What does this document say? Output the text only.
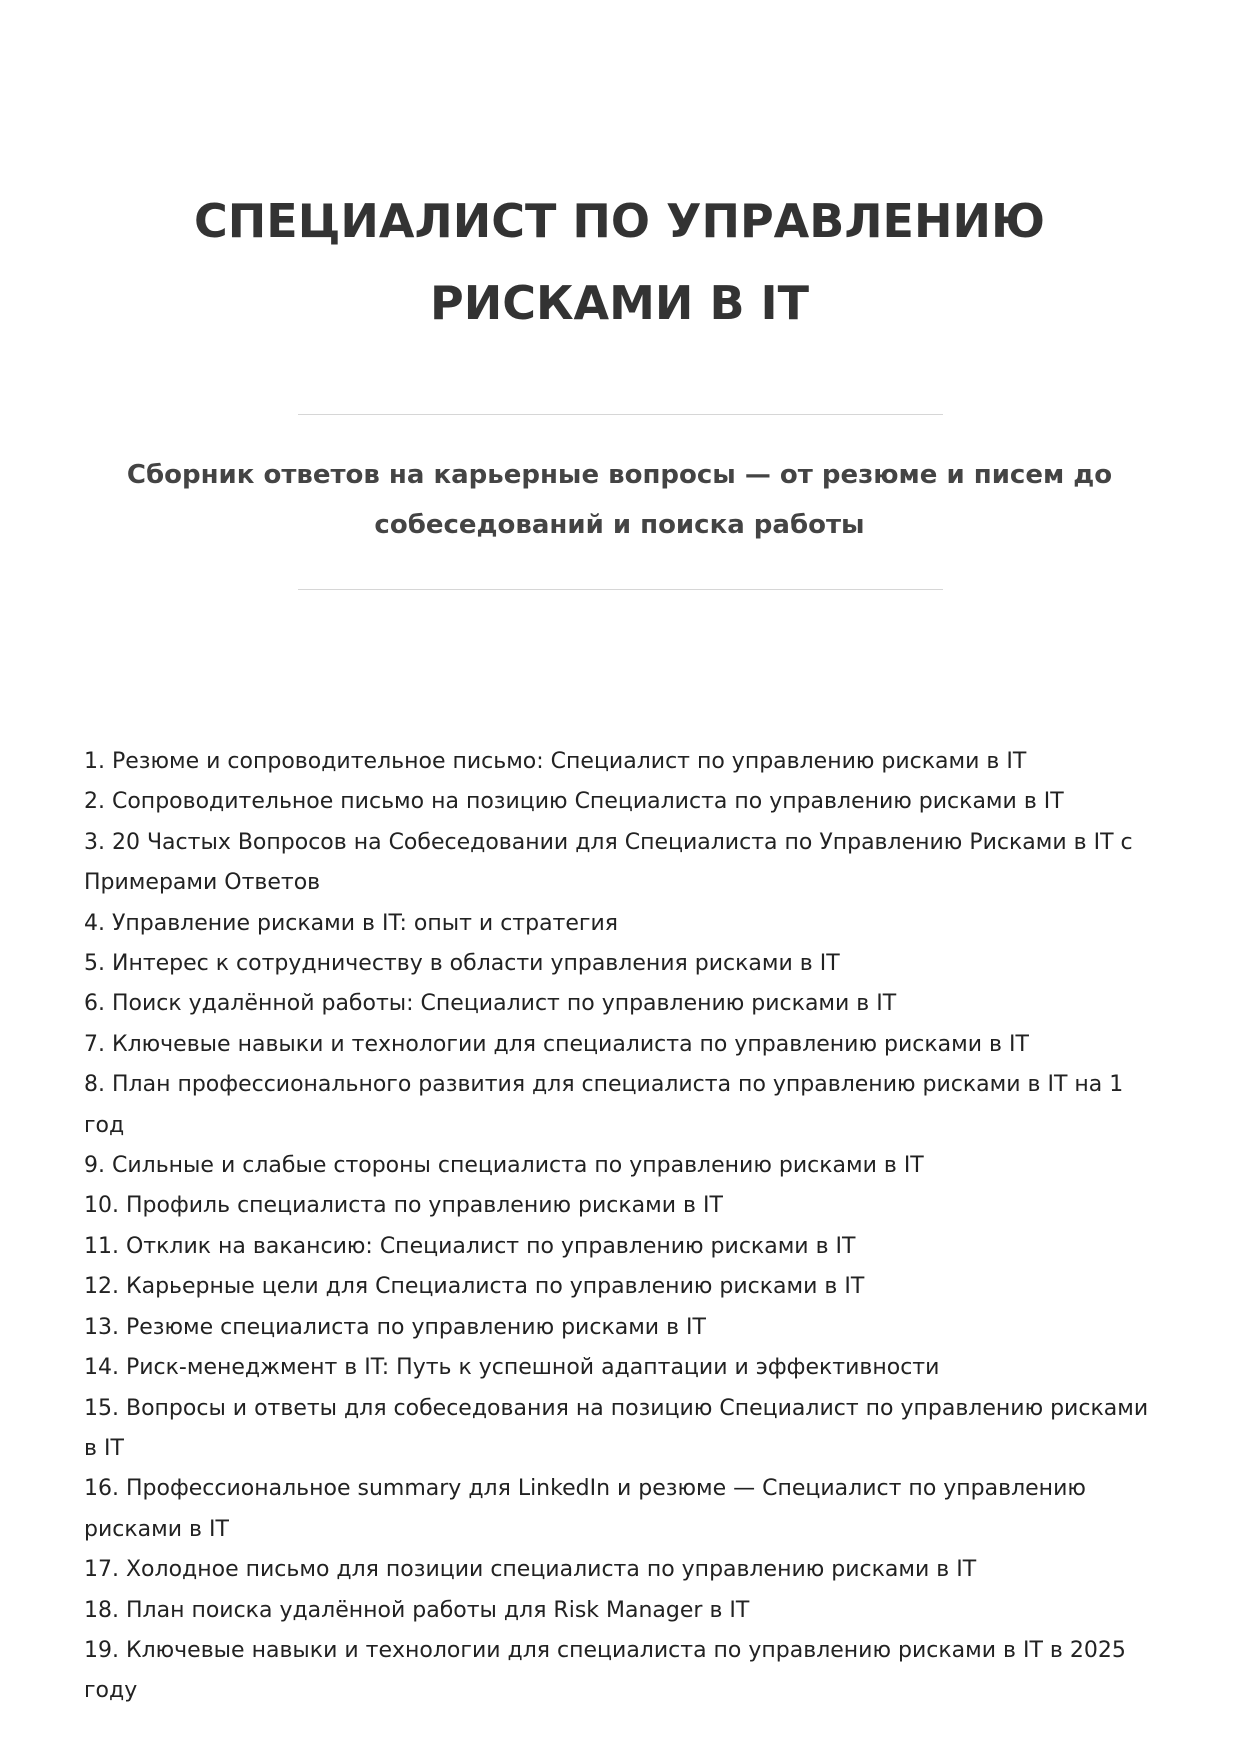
СПЕЦИАЛИСТ ПО УПРАВЛЕНИЮ
РИСКАМИ В IT

Сборник ответов на карьерные вопросы — от резюме и писем до собеседований и поиска работы

1. Резюме и сопроводительное письмо: Специалист по управлению рисками в IT
2. Сопроводительное письмо на позицию Специалиста по управлению рисками в IT
3. 20 Частых Вопросов на Собеседовании для Специалиста по Управлению Рисками в IT с Примерами Ответов
4. Управление рисками в IT: опыт и стратегия
5. Интерес к сотрудничеству в области управления рисками в IT
6. Поиск удалённой работы: Специалист по управлению рисками в IT
7. Ключевые навыки и технологии для специалиста по управлению рисками в IT
8. План профессионального развития для специалиста по управлению рисками в IT на 1 год
9. Сильные и слабые стороны специалиста по управлению рисками в IT
10. Профиль специалиста по управлению рисками в IT
11. Отклик на вакансию: Специалист по управлению рисками в IT
12. Карьерные цели для Специалиста по управлению рисками в IT
13. Резюме специалиста по управлению рисками в IT
14. Риск-менеджмент в IT: Путь к успешной адаптации и эффективности
15. Вопросы и ответы для собеседования на позицию Специалист по управлению рисками в IT
16. Профессиональное summary для LinkedIn и резюме — Специалист по управлению рисками в IT
17. Холодное письмо для позиции специалиста по управлению рисками в IT
18. План поиска удалённой работы для Risk Manager в IT
19. Ключевые навыки и технологии для специалиста по управлению рисками в IT в 2025 году
